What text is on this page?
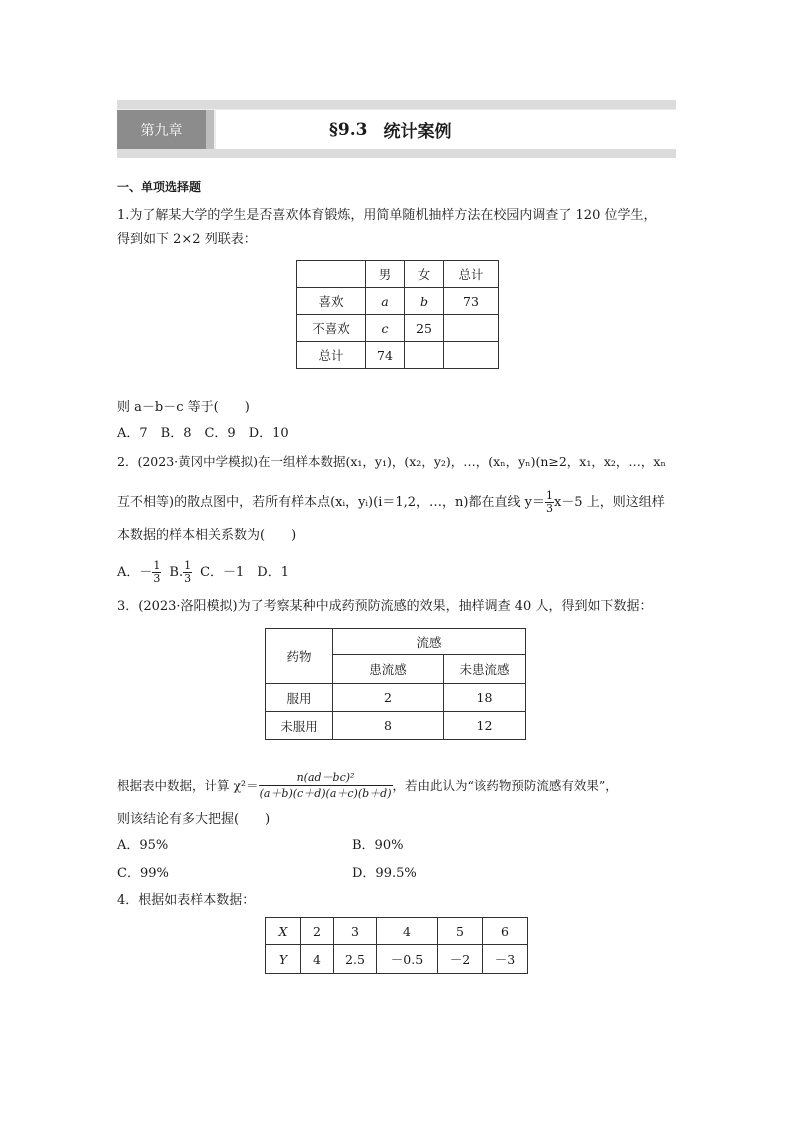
第九章	§9.3 统计案例
一、单项选择题
1.为了解某大学的学生是否喜欢体育锻炼，用简单随机抽样方法在校园内调查了 120 位学生，
得到如下 2×2 列联表：
	男	女	总计
喜欢	a	b	73
不喜欢	c	25	
总计	74		
则 a－b－c 等于(　　)
A．7　B．8　C．9　D．10
2．(2023·黄冈中学模拟)在一组样本数据(x₁，y₁)，(x₂，y₂)，…，(xₙ，yₙ)(n≥2，x₁，x₂，…，xₙ
互不相等)的散点图中，若所有样本点(xᵢ，yᵢ)(i＝1,2，…，n)都在直线 $y= \frac{1}{3} x-5$ 上，则这组样
本数据的样本相关系数为(　　)
A．－ $\frac{1}{3} B$. $\frac{1}{3}$ C．－1　D．1
3．(2023·洛阳模拟)为了考察某种中成药预防流感的效果，抽样调查 40 人，得到如下数据：
药物	流感	
	患流感	未患流感
服用	2	18
未服用	8	12
根据表中数据，计算 $\chi^2= \frac{\text{n(ad－bc)²}}{(a+b)(c+d)(a+c)(b+d)}$ ，若由此认为“该药物预防流感有效果”，
则该结论有多大把握(　　)
A．95%	B．90%
C．99%	D．99.5%
4．根据如表样本数据：
X	2	3	4	5	6
Y	4	2.5	－0.5	－2	－3
